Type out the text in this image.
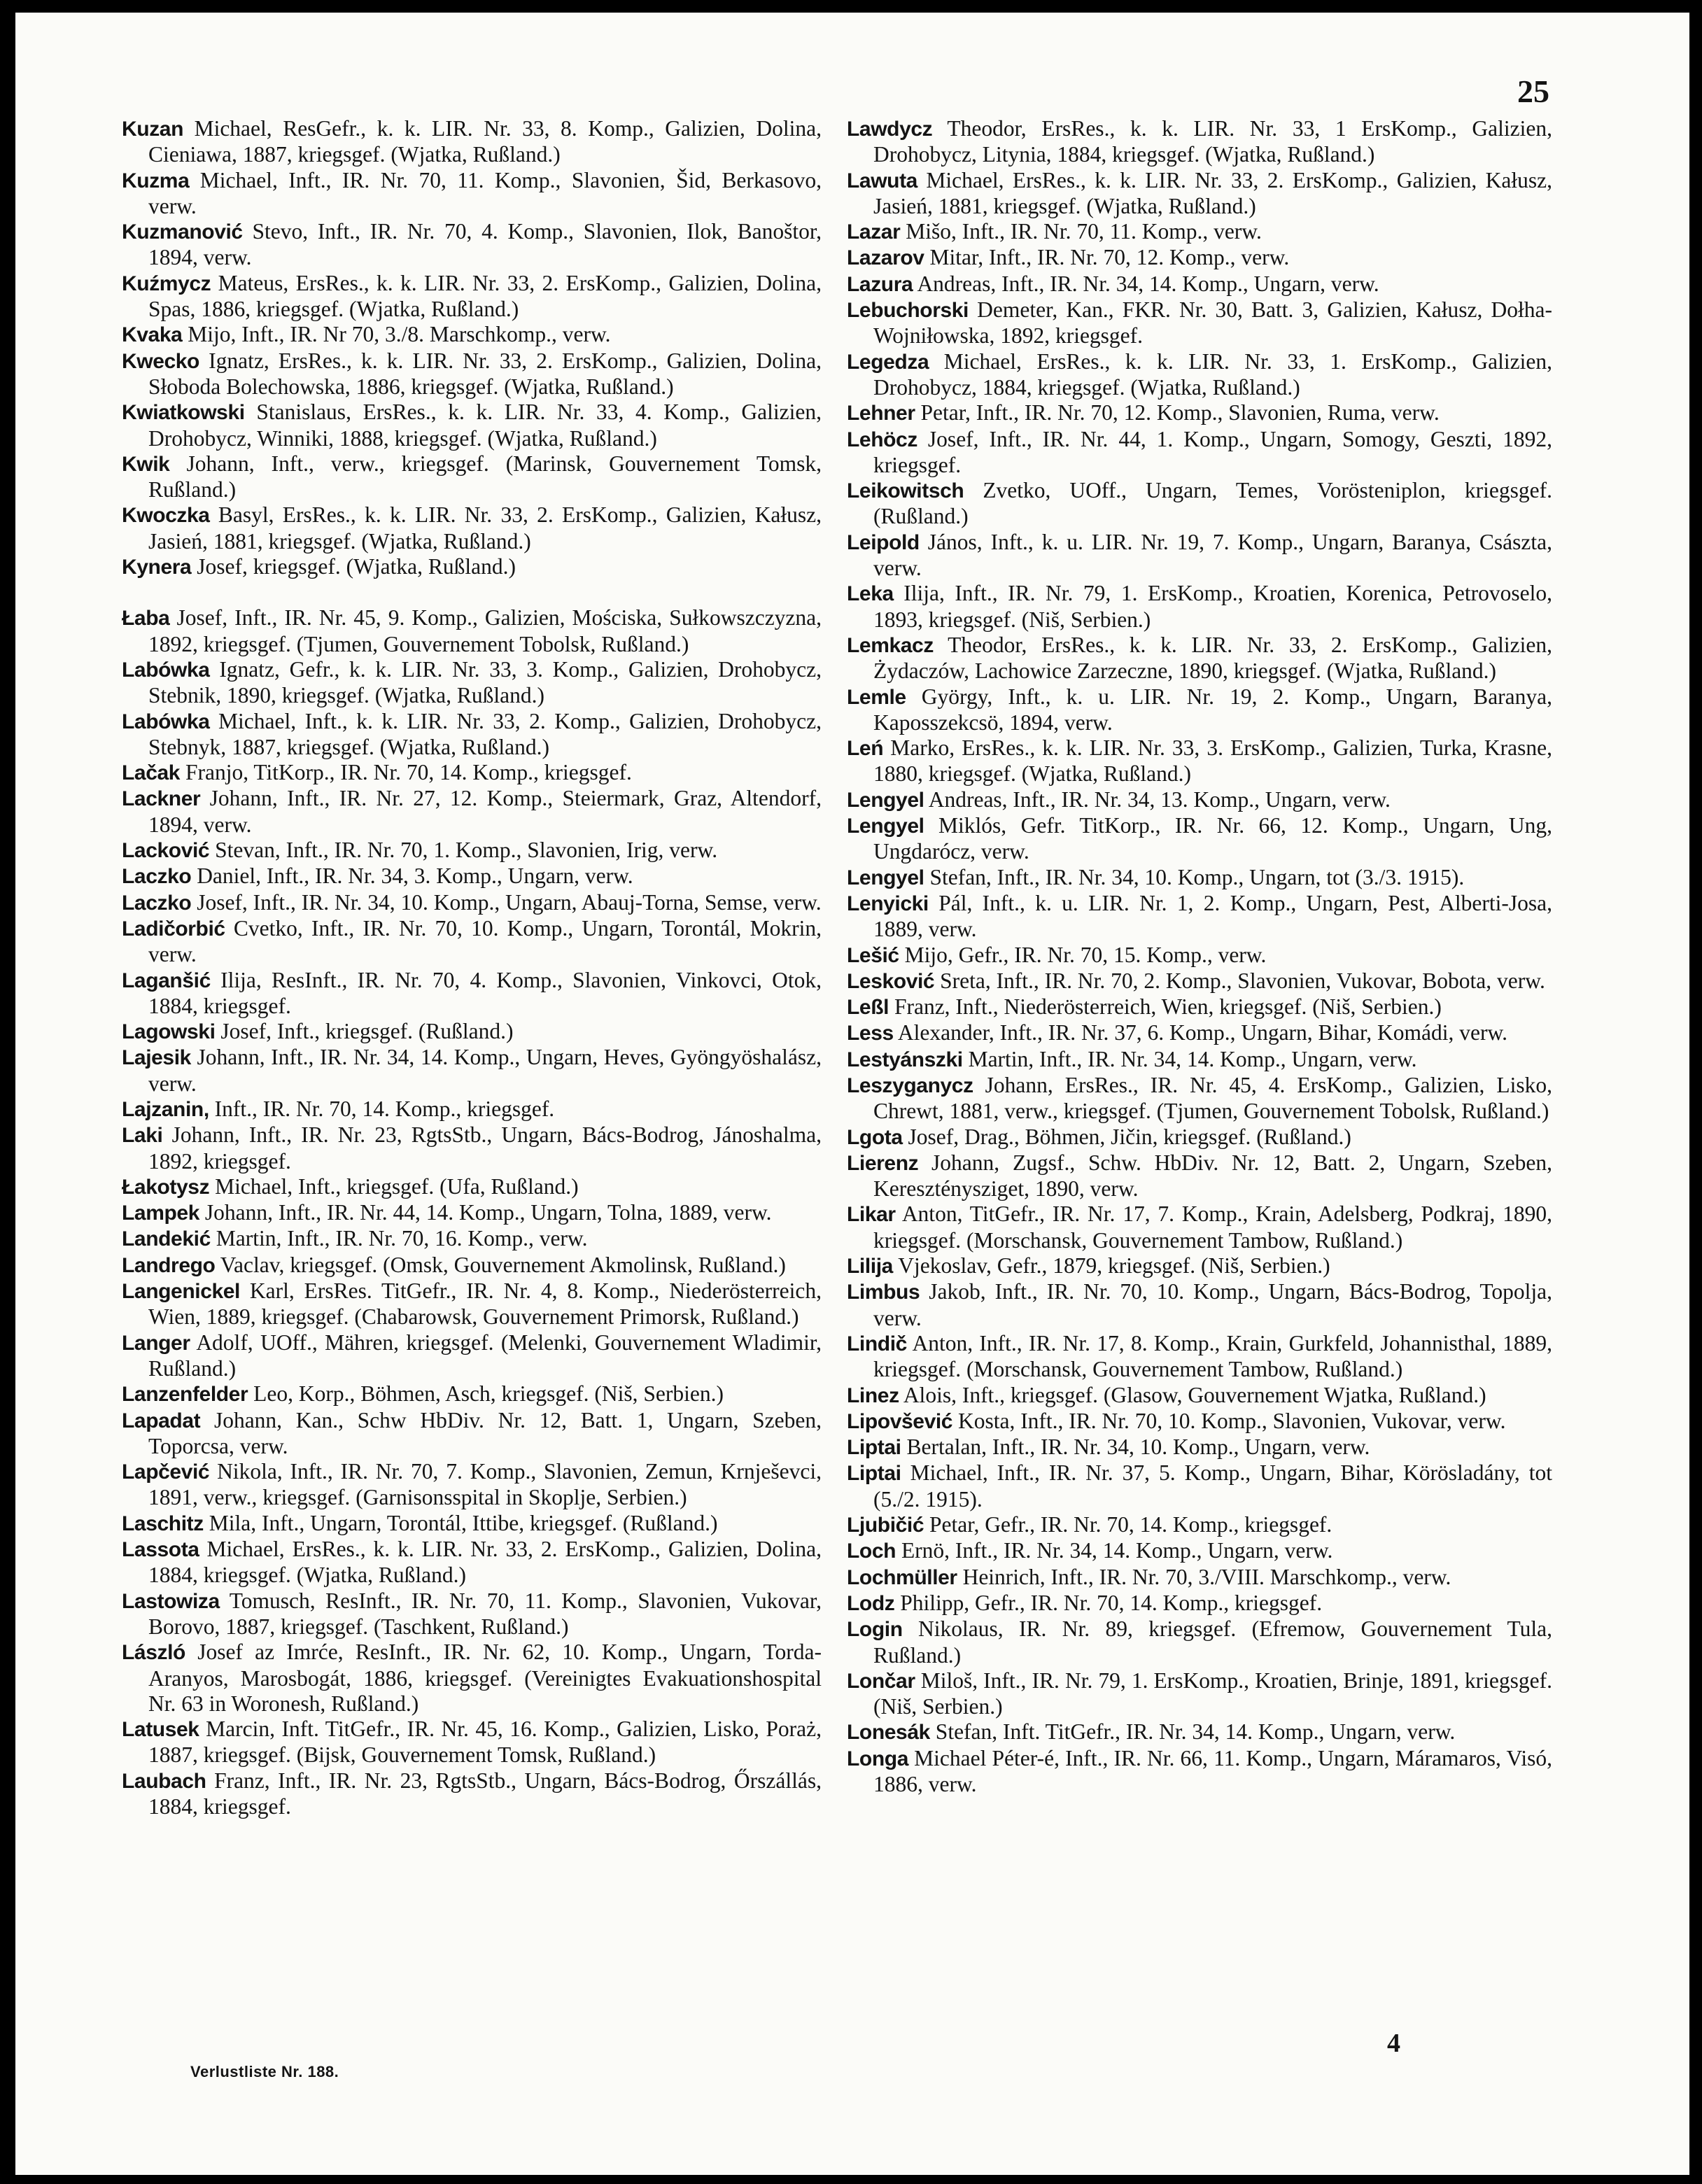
25

Kuzan Michael, ResGefr., k. k. LIR. Nr. 33, 8. Komp., Galizien, Dolina, Cieniawa, 1887, kriegsgef. (Wjatka, Rußland.)

Kuzma Michael, Inft., IR. Nr. 70, 11. Komp., Slavonien, Šid, Berkasovo, verw.

Kuzmanović Stevo, Inft., IR. Nr. 70, 4. Komp., Slavonien, Ilok, Banoštor, 1894, verw.

Kuźmycz Mateus, ErsRes., k. k. LIR. Nr. 33, 2. ErsKomp., Galizien, Dolina, Spas, 1886, kriegsgef. (Wjatka, Rußland.)

Kvaka Mijo, Inft., IR. Nr 70, 3./8. Marschkomp., verw.

Kwecko Ignatz, ErsRes., k. k. LIR. Nr. 33, 2. ErsKomp., Galizien, Dolina, Słoboda Bolechowska, 1886, kriegsgef. (Wjatka, Rußland.)

Kwiatkowski Stanislaus, ErsRes., k. k. LIR. Nr. 33, 4. Komp., Galizien, Drohobycz, Winniki, 1888, kriegsgef. (Wjatka, Rußland.)

Kwik Johann, Inft., verw., kriegsgef. (Marinsk, Gouvernement Tomsk, Rußland.)

Kwoczka Basyl, ErsRes., k. k. LIR. Nr. 33, 2. ErsKomp., Galizien, Kałusz, Jasień, 1881, kriegsgef. (Wjatka, Rußland.)

Kynera Josef, kriegsgef. (Wjatka, Rußland.)

Łaba Josef, Inft., IR. Nr. 45, 9. Komp., Galizien, Mościska, Sułkowszczyzna, 1892, kriegsgef. (Tjumen, Gouvernement Tobolsk, Rußland.)

Labówka Ignatz, Gefr., k. k. LIR. Nr. 33, 3. Komp., Galizien, Drohobycz, Stebnik, 1890, kriegsgef. (Wjatka, Rußland.)

Labówka Michael, Inft., k. k. LIR. Nr. 33, 2. Komp., Galizien, Drohobycz, Stebnyk, 1887, kriegsgef. (Wjatka, Rußland.)

Lačak Franjo, TitKorp., IR. Nr. 70, 14. Komp., kriegsgef.

Lackner Johann, Inft., IR. Nr. 27, 12. Komp., Steiermark, Graz, Altendorf, 1894, verw.

Lacković Stevan, Inft., IR. Nr. 70, 1. Komp., Slavonien, Irig, verw.

Laczko Daniel, Inft., IR. Nr. 34, 3. Komp., Ungarn, verw.

Laczko Josef, Inft., IR. Nr. 34, 10. Komp., Ungarn, Abauj-Torna, Semse, verw.

Ladičorbić Cvetko, Inft., IR. Nr. 70, 10. Komp., Ungarn, Torontál, Mokrin, verw.

Laganšić Ilija, ResInft., IR. Nr. 70, 4. Komp., Slavonien, Vinkovci, Otok, 1884, kriegsgef.

Lagowski Josef, Inft., kriegsgef. (Rußland.)

Lajesik Johann, Inft., IR. Nr. 34, 14. Komp., Ungarn, Heves, Gyöngyöshalász, verw.

Lajzanin, Inft., IR. Nr. 70, 14. Komp., kriegsgef.

Laki Johann, Inft., IR. Nr. 23, RgtsStb., Ungarn, Bács-Bodrog, Jánoshalma, 1892, kriegsgef.

Łakotysz Michael, Inft., kriegsgef. (Ufa, Rußland.)

Lampek Johann, Inft., IR. Nr. 44, 14. Komp., Ungarn, Tolna, 1889, verw.

Landekić Martin, Inft., IR. Nr. 70, 16. Komp., verw.

Landrego Vaclav, kriegsgef. (Omsk, Gouvernement Akmolinsk, Rußland.)

Langenickel Karl, ErsRes. TitGefr., IR. Nr. 4, 8. Komp., Niederösterreich, Wien, 1889, kriegsgef. (Chabarowsk, Gouvernement Primorsk, Rußland.)

Langer Adolf, UOff., Mähren, kriegsgef. (Melenki, Gouvernement Wladimir, Rußland.)

Lanzenfelder Leo, Korp., Böhmen, Asch, kriegsgef. (Niš, Serbien.)

Lapadat Johann, Kan., Schw HbDiv. Nr. 12, Batt. 1, Ungarn, Szeben, Toporcsa, verw.

Lapčević Nikola, Inft., IR. Nr. 70, 7. Komp., Slavonien, Zemun, Krnješevci, 1891, verw., kriegsgef. (Garnisonsspital in Skoplje, Serbien.)

Laschitz Mila, Inft., Ungarn, Torontál, Ittibe, kriegsgef. (Rußland.)

Lassota Michael, ErsRes., k. k. LIR. Nr. 33, 2. ErsKomp., Galizien, Dolina, 1884, kriegsgef. (Wjatka, Rußland.)

Lastowiza Tomusch, ResInft., IR. Nr. 70, 11. Komp., Slavonien, Vukovar, Borovo, 1887, kriegsgef. (Taschkent, Rußland.)

László Josef az Imrće, ResInft., IR. Nr. 62, 10. Komp., Ungarn, Torda-Aranyos, Marosbogát, 1886, kriegsgef. (Vereinigtes Evakuationshospital Nr. 63 in Woronesh, Rußland.)

Latusek Marcin, Inft. TitGefr., IR. Nr. 45, 16. Komp., Galizien, Lisko, Poraż, 1887, kriegsgef. (Bijsk, Gouvernement Tomsk, Rußland.)

Laubach Franz, Inft., IR. Nr. 23, RgtsStb., Ungarn, Bács-Bodrog, Őrszállás, 1884, kriegsgef.

Lawdycz Theodor, ErsRes., k. k. LIR. Nr. 33, 1 ErsKomp., Galizien, Drohobycz, Litynia, 1884, kriegsgef. (Wjatka, Rußland.)

Lawuta Michael, ErsRes., k. k. LIR. Nr. 33, 2. ErsKomp., Galizien, Kałusz, Jasień, 1881, kriegsgef. (Wjatka, Rußland.)

Lazar Mišo, Inft., IR. Nr. 70, 11. Komp., verw.

Lazarov Mitar, Inft., IR. Nr. 70, 12. Komp., verw.

Lazura Andreas, Inft., IR. Nr. 34, 14. Komp., Ungarn, verw.

Lebuchorski Demeter, Kan., FKR. Nr. 30, Batt. 3, Galizien, Kałusz, Dołha-Wojniłowska, 1892, kriegsgef.

Legedza Michael, ErsRes., k. k. LIR. Nr. 33, 1. ErsKomp., Galizien, Drohobycz, 1884, kriegsgef. (Wjatka, Rußland.)

Lehner Petar, Inft., IR. Nr. 70, 12. Komp., Slavonien, Ruma, verw.

Lehöcz Josef, Inft., IR. Nr. 44, 1. Komp., Ungarn, Somogy, Geszti, 1892, kriegsgef.

Leikowitsch Zvetko, UOff., Ungarn, Temes, Vorösteniplon, kriegsgef. (Rußland.)

Leipold János, Inft., k. u. LIR. Nr. 19, 7. Komp., Ungarn, Baranya, Császta, verw.

Leka Ilija, Inft., IR. Nr. 79, 1. ErsKomp., Kroatien, Korenica, Petrovoselo, 1893, kriegsgef. (Niš, Serbien.)

Lemkacz Theodor, ErsRes., k. k. LIR. Nr. 33, 2. ErsKomp., Galizien, Żydaczów, Lachowice Zarzeczne, 1890, kriegsgef. (Wjatka, Rußland.)

Lemle György, Inft., k. u. LIR. Nr. 19, 2. Komp., Ungarn, Baranya, Kaposszekcsö, 1894, verw.

Leń Marko, ErsRes., k. k. LIR. Nr. 33, 3. ErsKomp., Galizien, Turka, Krasne, 1880, kriegsgef. (Wjatka, Rußland.)

Lengyel Andreas, Inft., IR. Nr. 34, 13. Komp., Ungarn, verw.

Lengyel Miklós, Gefr. TitKorp., IR. Nr. 66, 12. Komp., Ungarn, Ung, Ungdarócz, verw.

Lengyel Stefan, Inft., IR. Nr. 34, 10. Komp., Ungarn, tot (3./3. 1915).

Lenyicki Pál, Inft., k. u. LIR. Nr. 1, 2. Komp., Ungarn, Pest, Alberti-Josa, 1889, verw.

Lešić Mijo, Gefr., IR. Nr. 70, 15. Komp., verw.

Lesković Sreta, Inft., IR. Nr. 70, 2. Komp., Slavonien, Vukovar, Bobota, verw.

Leßl Franz, Inft., Niederösterreich, Wien, kriegsgef. (Niš, Serbien.)

Less Alexander, Inft., IR. Nr. 37, 6. Komp., Ungarn, Bihar, Komádi, verw.

Lestyánszki Martin, Inft., IR. Nr. 34, 14. Komp., Ungarn, verw.

Leszyganycz Johann, ErsRes., IR. Nr. 45, 4. ErsKomp., Galizien, Lisko, Chrewt, 1881, verw., kriegsgef. (Tjumen, Gouvernement Tobolsk, Rußland.)

Lgota Josef, Drag., Böhmen, Jičin, kriegsgef. (Rußland.)

Lierenz Johann, Zugsf., Schw. HbDiv. Nr. 12, Batt. 2, Ungarn, Szeben, Kereszténysziget, 1890, verw.

Likar Anton, TitGefr., IR. Nr. 17, 7. Komp., Krain, Adelsberg, Podkraj, 1890, kriegsgef. (Morschansk, Gouvernement Tambow, Rußland.)

Lilija Vjekoslav, Gefr., 1879, kriegsgef. (Niš, Serbien.)

Limbus Jakob, Inft., IR. Nr. 70, 10. Komp., Ungarn, Bács-Bodrog, Topolja, verw.

Lindič Anton, Inft., IR. Nr. 17, 8. Komp., Krain, Gurkfeld, Johannisthal, 1889, kriegsgef. (Morschansk, Gouvernement Tambow, Rußland.)

Linez Alois, Inft., kriegsgef. (Glasow, Gouvernement Wjatka, Rußland.)

Lipovšević Kosta, Inft., IR. Nr. 70, 10. Komp., Slavonien, Vukovar, verw.

Liptai Bertalan, Inft., IR. Nr. 34, 10. Komp., Ungarn, verw.

Liptai Michael, Inft., IR. Nr. 37, 5. Komp., Ungarn, Bihar, Körösladány, tot (5./2. 1915).

Ljubičić Petar, Gefr., IR. Nr. 70, 14. Komp., kriegsgef.

Loch Ernö, Inft., IR. Nr. 34, 14. Komp., Ungarn, verw.

Lochmüller Heinrich, Inft., IR. Nr. 70, 3./VIII. Marschkomp., verw.

Lodz Philipp, Gefr., IR. Nr. 70, 14. Komp., kriegsgef.

Login Nikolaus, IR. Nr. 89, kriegsgef. (Efremow, Gouvernement Tula, Rußland.)

Lončar Miloš, Inft., IR. Nr. 79, 1. ErsKomp., Kroatien, Brinje, 1891, kriegsgef. (Niš, Serbien.)

Lonesák Stefan, Inft. TitGefr., IR. Nr. 34, 14. Komp., Ungarn, verw.

Longa Michael Péter-é, Inft., IR. Nr. 66, 11. Komp., Ungarn, Máramaros, Visó, 1886, verw.

Verlustliste Nr. 188.
4
